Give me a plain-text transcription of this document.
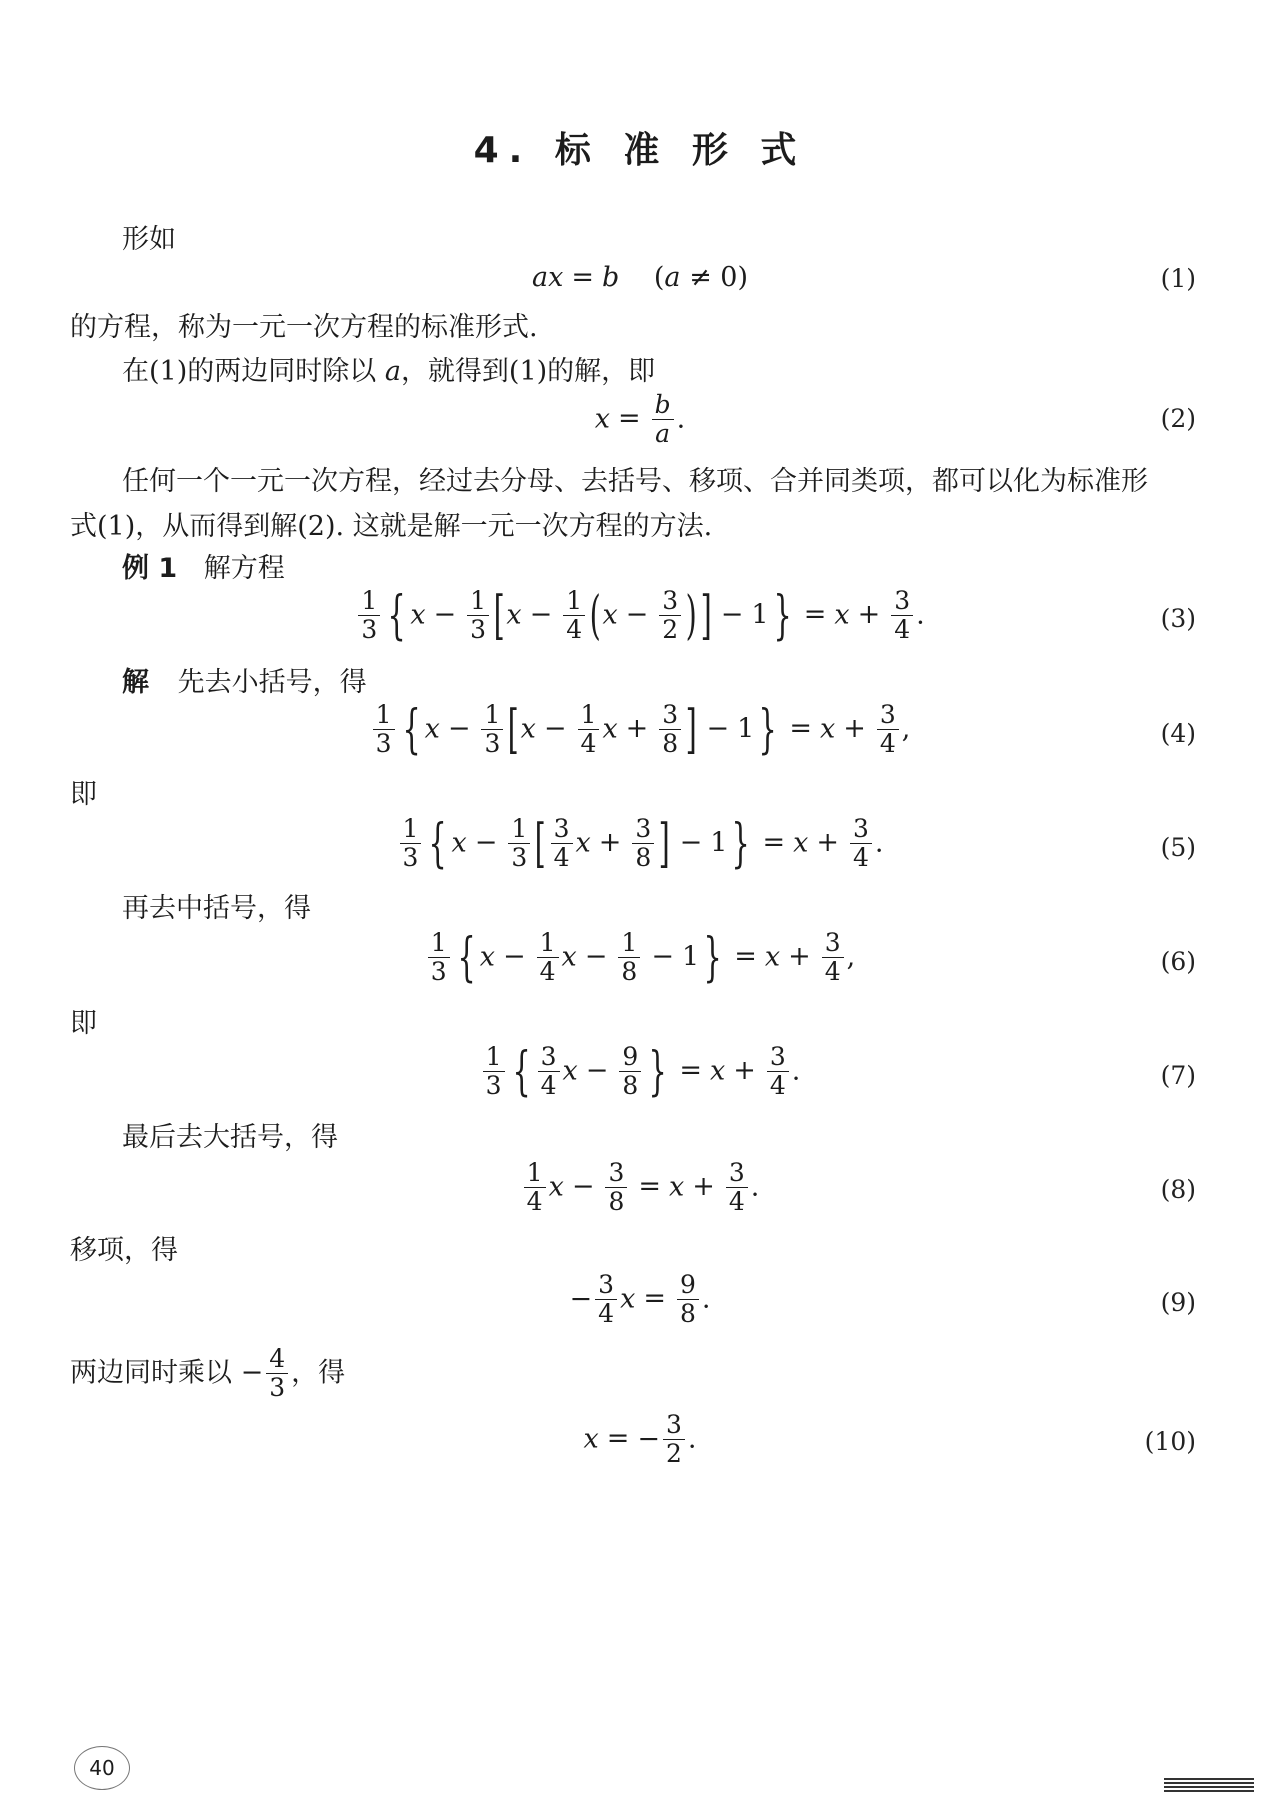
4. 标 准 形 式
形如
ax = b (a ≠ 0)	(1)
的方程，称为一元一次方程的标准形式.
在(1)的两边同时除以 a，就得到(1)的解，即
$x = \frac{b}{a}$ .	(2)
任何一个一元一次方程，经过去分母、去括号、移项、合并同类项，都可以化为标准形
式(1)，从而得到解(2). 这就是解一元一次方程的方法.
例 1 解方程
$\frac{1}{3}$ { $x - \frac{1}{3} [x - \frac{1}{4} (x - \frac{3}{2}$ )] − $1\} = x + \frac{3}{4}$ .	(3)
解 先去小括号，得
$\frac{1}{3}$ { $x - \frac{1}{3} [x - \frac{1}{4}$ $x + \frac{3}{8}$ ] − $1\} = x + \frac{3}{4}$ ,	(4)
即
$\frac{1}{3}$ { $x - \frac{1}{3}$ [ $\frac{3}{4}$ $x + \frac{3}{8}$ ] − $1\} = x + \frac{3}{4}$ .	(5)
再去中括号，得
$\frac{1}{3}$ { $x - \frac{1}{4}$ $x - \frac{1}{8} - 1\} = x + \frac{3}{4}$ ,	(6)
即
$\frac{1}{3}$ { $\frac{3}{4}$ $x - \frac{9}{8}$ } = $x + \frac{3}{4}$ .	(7)
最后去大括号，得
$\frac{1}{4}$ $x - \frac{3}{8} = x + \frac{3}{4}$ .	(8)
移项，得
− $\frac{3}{4}$ $x = \frac{9}{8}$ .	(9)
两边同时乘以 − $\frac{4}{3}$ ，得
x = − $\frac{3}{2}$ .	(10)
40
